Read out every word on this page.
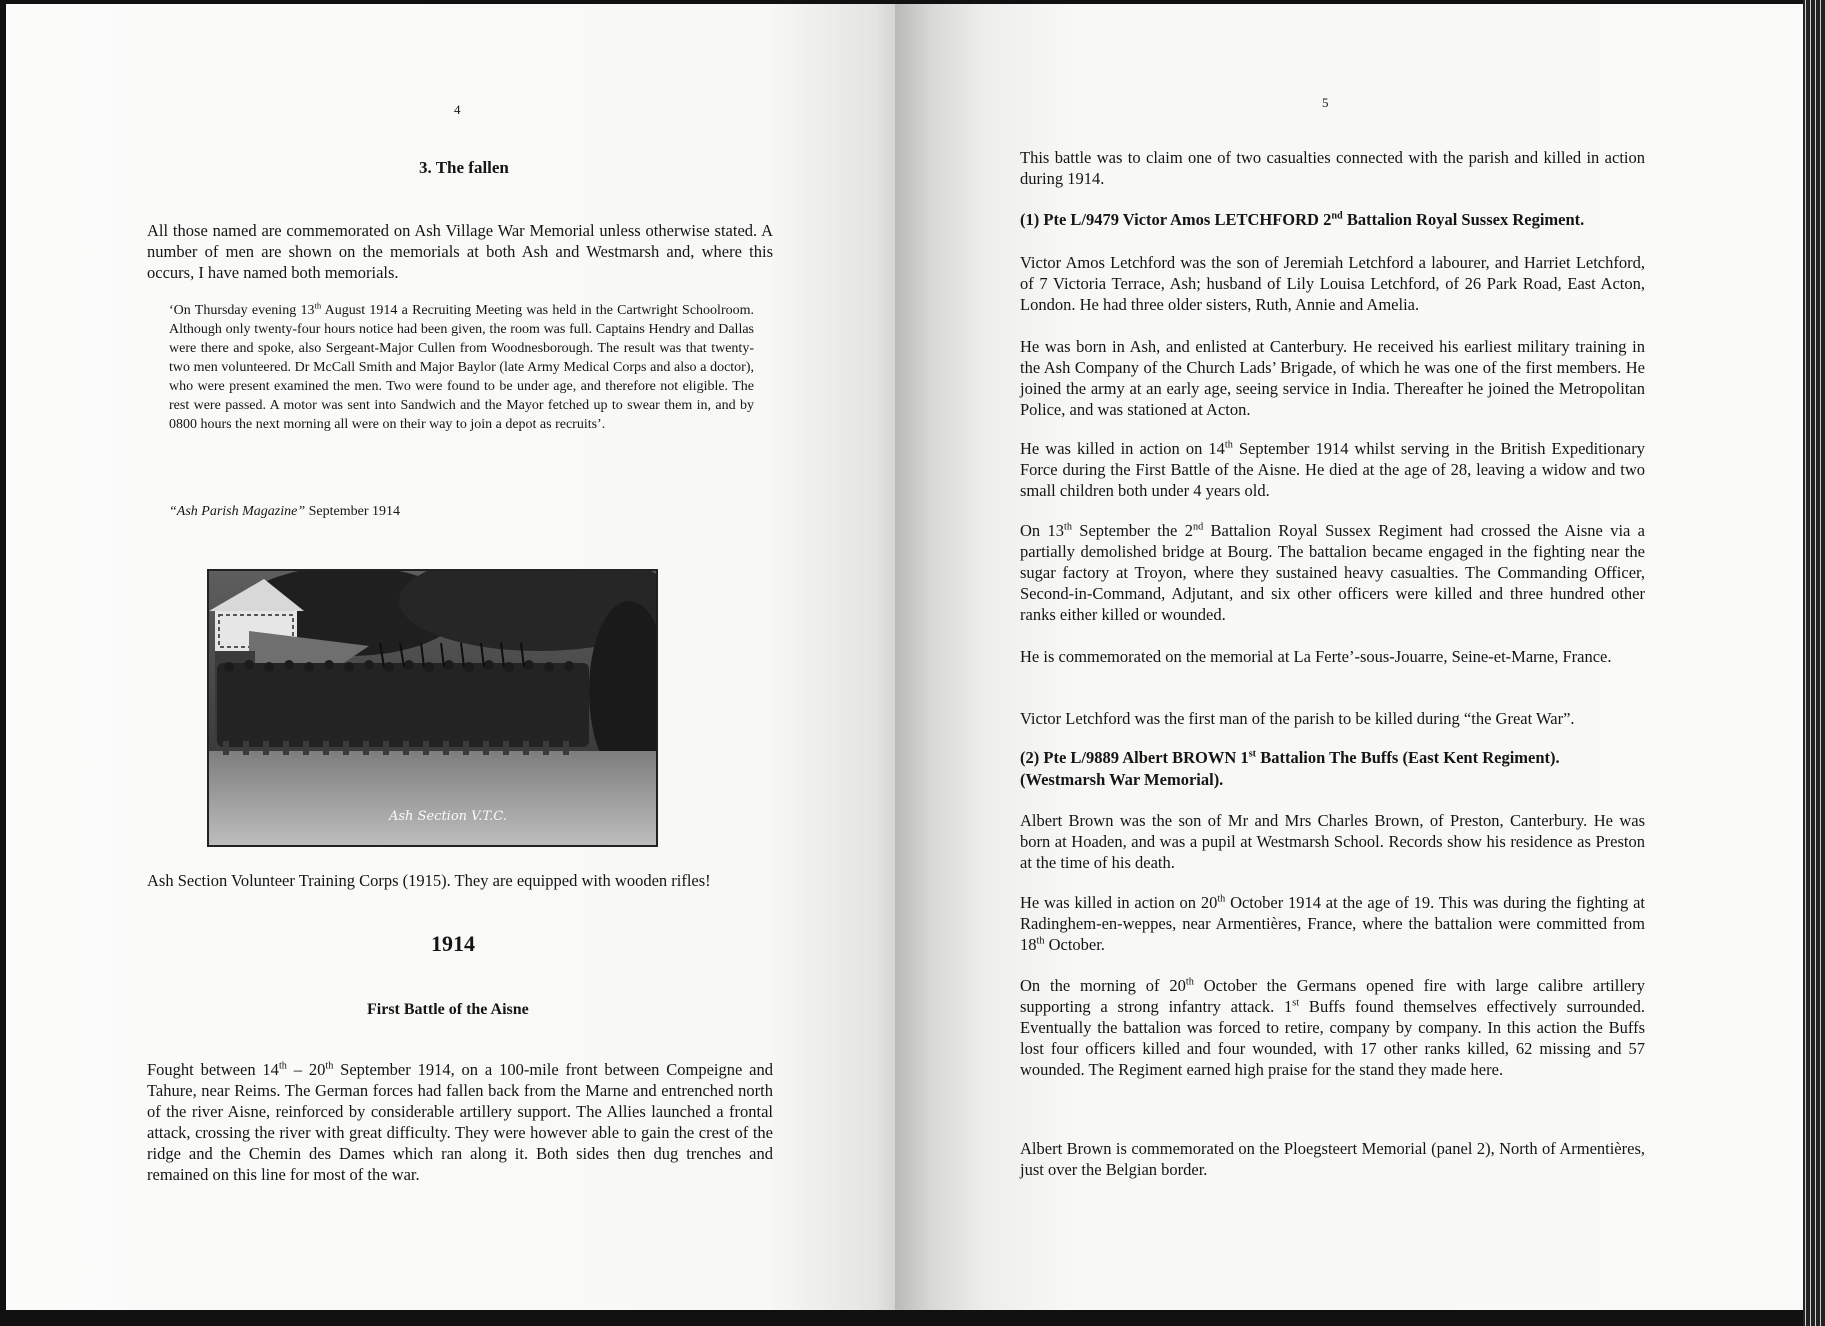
4
3. The fallen

All those named are commemorated on Ash Village War Memorial unless otherwise stated. A number of men are shown on the memorials at both Ash and Westmarsh and, where this occurs, I have named both memorials.

‘On Thursday evening 13th August 1914 a Recruiting Meeting was held in the Cartwright Schoolroom. Although only twenty-four hours notice had been given, the room was full. Captains Hendry and Dallas were there and spoke, also Sergeant-Major Cullen from Woodnesborough. The result was that twenty-two men volunteered. Dr McCall Smith and Major Baylor (late Army Medical Corps and also a doctor), who were present examined the men. Two were found to be under age, and therefore not eligible. The rest were passed. A motor was sent into Sandwich and the Mayor fetched up to swear them in, and by 0800 hours the next morning all were on their way to join a depot as recruits’.

“Ash Parish Magazine” September 1914
Ash Section V.T.C.

Ash Section Volunteer Training Corps (1915). They are equipped with wooden rifles!

1914
First Battle of the Aisne

Fought between 14th – 20th September 1914, on a 100-mile front between Compeigne and Tahure, near Reims. The German forces had fallen back from the Marne and entrenched north of the river Aisne, reinforced by considerable artillery support. The Allies launched a frontal attack, crossing the river with great difficulty. They were however able to gain the crest of the ridge and the Chemin des Dames which ran along it. Both sides then dug trenches and remained on this line for most of the war.

5

This battle was to claim one of two casualties connected with the parish and killed in action during 1914.

(1) Pte L/9479 Victor Amos LETCHFORD 2nd Battalion Royal Sussex Regiment.

Victor Amos Letchford was the son of Jeremiah Letchford a labourer, and Harriet Letchford, of 7 Victoria Terrace, Ash; husband of Lily Louisa Letchford, of 26 Park Road, East Acton, London. He had three older sisters, Ruth, Annie and Amelia.

He was born in Ash, and enlisted at Canterbury. He received his earliest military training in the Ash Company of the Church Lads’ Brigade, of which he was one of the first members. He joined the army at an early age, seeing service in India. Thereafter he joined the Metropolitan Police, and was stationed at Acton.

He was killed in action on 14th September 1914 whilst serving in the British Expeditionary Force during the First Battle of the Aisne. He died at the age of 28, leaving a widow and two small children both under 4 years old.

On 13th September the 2nd Battalion Royal Sussex Regiment had crossed the Aisne via a partially demolished bridge at Bourg. The battalion became engaged in the fighting near the sugar factory at Troyon, where they sustained heavy casualties. The Commanding Officer, Second-in-Command, Adjutant, and six other officers were killed and three hundred other ranks either killed or wounded.

He is commemorated on the memorial at La Ferte’-sous-Jouarre, Seine-et-Marne, France.

Victor Letchford was the first man of the parish to be killed during “the Great War”.

(2) Pte L/9889 Albert BROWN 1st Battalion The Buffs (East Kent Regiment). (Westmarsh War Memorial).

Albert Brown was the son of Mr and Mrs Charles Brown, of Preston, Canterbury. He was born at Hoaden, and was a pupil at Westmarsh School. Records show his residence as Preston at the time of his death.

He was killed in action on 20th October 1914 at the age of 19. This was during the fighting at Radinghem-en-weppes, near Armentières, France, where the battalion were committed from 18th October.

On the morning of 20th October the Germans opened fire with large calibre artillery supporting a strong infantry attack. 1st Buffs found themselves effectively surrounded. Eventually the battalion was forced to retire, company by company. In this action the Buffs lost four officers killed and four wounded, with 17 other ranks killed, 62 missing and 57 wounded. The Regiment earned high praise for the stand they made here.

Albert Brown is commemorated on the Ploegsteert Memorial (panel 2), North of Armentières, just over the Belgian border.
